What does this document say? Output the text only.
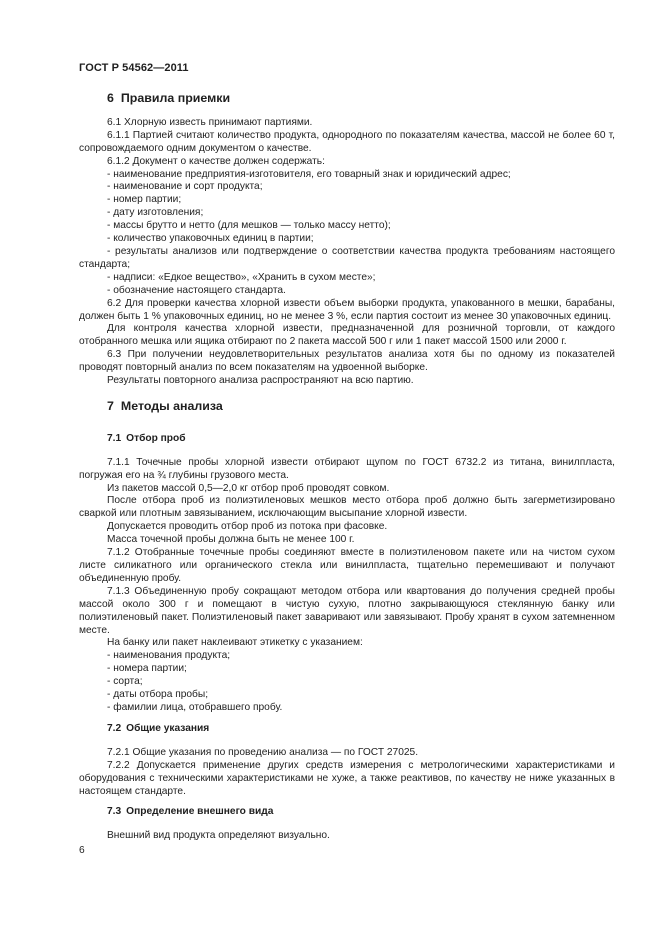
ГОСТ Р 54562—2011
6 Правила приемки

6.1 Хлорную известь принимают партиями.

6.1.1 Партией считают количество продукта, однородного по показателям качества, массой не более 60 т, сопровождаемого одним документом о качестве.

6.1.2 Документ о качестве должен содержать:

- наименование предприятия-изготовителя, его товарный знак и юридический адрес;

- наименование и сорт продукта;

- номер партии;

- дату изготовления;

- массы брутто и нетто (для мешков — только массу нетто);

- количество упаковочных единиц в партии;

- результаты анализов или подтверждение о соответствии качества продукта требованиям настоящего стандарта;

- надписи: «Едкое вещество», «Хранить в сухом месте»;

- обозначение настоящего стандарта.

6.2 Для проверки качества хлорной извести объем выборки продукта, упакованного в мешки, барабаны, должен быть 1 % упаковочных единиц, но не менее 3 %, если партия состоит из менее 30 упаковочных единиц.

Для контроля качества хлорной извести, предназначенной для розничной торговли, от каждого отобранного мешка или ящика отбирают по 2 пакета массой 500 г или 1 пакет массой 1500 или 2000 г.

6.3 При получении неудовлетворительных результатов анализа хотя бы по одному из показателей проводят повторный анализ по всем показателям на удвоенной выборке.

Результаты повторного анализа распространяют на всю партию.

7 Методы анализа
7.1 Отбор проб

7.1.1 Точечные пробы хлорной извести отбирают щупом по ГОСТ 6732.2 из титана, винилпласта, погружая его на ¾ глубины грузового места.

Из пакетов массой 0,5—2,0 кг отбор проб проводят совком.

После отбора проб из полиэтиленовых мешков место отбора проб должно быть загерметизировано сваркой или плотным завязыванием, исключающим высыпание хлорной извести.

Допускается проводить отбор проб из потока при фасовке.

Масса точечной пробы должна быть не менее 100 г.

7.1.2 Отобранные точечные пробы соединяют вместе в полиэтиленовом пакете или на чистом сухом листе силикатного или органического стекла или винилпласта, тщательно перемешивают и получают объединенную пробу.

7.1.3 Объединенную пробу сокращают методом отбора или квартования до получения средней пробы массой около 300 г и помещают в чистую сухую, плотно закрывающуюся стеклянную банку или полиэтиленовый пакет. Полиэтиленовый пакет заваривают или завязывают. Пробу хранят в сухом затемненном месте.

На банку или пакет наклеивают этикетку с указанием:

- наименования продукта;

- номера партии;

- сорта;

- даты отбора пробы;

- фамилии лица, отобравшего пробу.

7.2 Общие указания

7.2.1 Общие указания по проведению анализа — по ГОСТ 27025.

7.2.2 Допускается применение других средств измерения с метрологическими характеристиками и оборудования с техническими характеристиками не хуже, а также реактивов, по качеству не ниже указанных в настоящем стандарте.

7.3 Определение внешнего вида

Внешний вид продукта определяют визуально.

6
